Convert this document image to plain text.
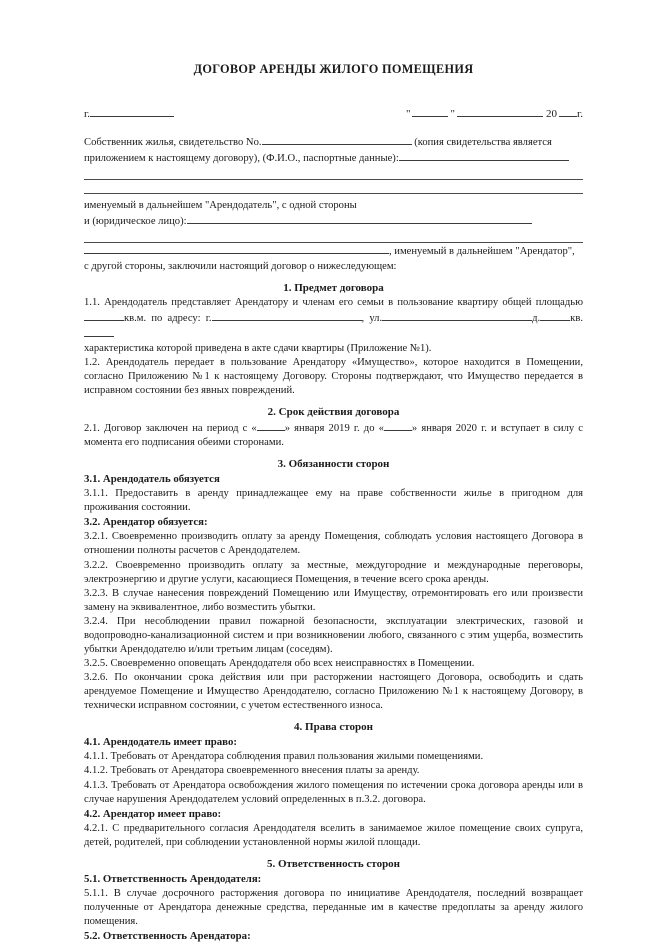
ДОГОВОР АРЕНДЫ ЖИЛОГО ПОМЕЩЕНИЯ
г.	"	"	20 г.
Собственник жилья, свидетельство No.	(копия свидетельства является
приложением к настоящему договору), (Ф.И.О., паспортные данные):
именуемый в дальнейшем "Арендодатель", с одной стороны
и (юридическое лицо):
, именуемый в дальнейшем "Арендатор",
с другой стороны, заключили настоящий договор о нижеследующем:
1. Предмет договора

1.1. Арендодатель представляет Арендатору и членам его семьи в пользование квартиру общей площадьюкв.м. по адресу: г.	, ул.	д.	кв.
характеристика которой приведена в акте сдачи квартиры (Приложение №1).

1.2. Арендодатель передает в пользование Арендатору «Имущество», которое находится в Помещении, согласно Приложению №1 к настоящему Договору. Стороны подтверждают, что Имущество передается в исправном состоянии без явных повреждений.

2. Срок действия договора

2.1. Договор заключен на период с «	» января 2019 г. до «	» января 2020 г. и вступает в силу с момента его подписания обеими сторонами.

3. Обязанности сторон

3.1. Арендодатель обязуется

3.1.1. Предоставить в аренду принадлежащее ему на праве собственности жилье в пригодном для проживания состоянии.

3.2. Арендатор обязуется:

3.2.1. Своевременно производить оплату за аренду Помещения, соблюдать условия настоящего Договора в отношении полноты расчетов с Арендодателем.

3.2.2. Своевременно производить оплату за местные, междугородние и международные переговоры, электроэнергию и другие услуги, касающиеся Помещения, в течение всего срока аренды.

3.2.3. В случае нанесения повреждений Помещению или Имуществу, отремонтировать его или произвести замену на эквивалентное, либо возместить убытки.

3.2.4. При несоблюдении правил пожарной безопасности, эксплуатации электрических, газовой и водопроводно-канализационной систем и при возникновении любого, связанного с этим ущерба, возместить убытки Арендодателю и/или третьим лицам (соседям).

3.2.5. Своевременно оповещать Арендодателя обо всех неисправностях в Помещении.

3.2.6. По окончании срока действия или при расторжении настоящего Договора, освободить и сдать арендуемое Помещение и Имущество Арендодателю, согласно Приложению №1 к настоящему Договору, в технически исправном состоянии, с учетом естественного износа.

4. Права сторон

4.1. Арендодатель имеет право:

4.1.1. Требовать от Арендатора соблюдения правил пользования жилыми помещениями.

4.1.2. Требовать от Арендатора своевременного внесения платы за аренду.

4.1.3. Требовать от Арендатора освобождения жилого помещения по истечении срока договора аренды или в случае нарушения Арендодателем условий определенных в п.3.2. договора.

4.2. Арендатор имеет право:

4.2.1. С предварительного согласия Арендодателя вселить в занимаемое жилое помещение своих супруга, детей, родителей, при соблюдении установленной нормы жилой площади.

5. Ответственность сторон

5.1. Ответственность Арендодателя:

5.1.1. В случае досрочного расторжения договора по инициативе Арендодателя, последний возвращает полученные от Арендатора денежные средства, переданные им в качестве предоплаты за аренду жилого помещения.

5.2. Ответственность Арендатора:
